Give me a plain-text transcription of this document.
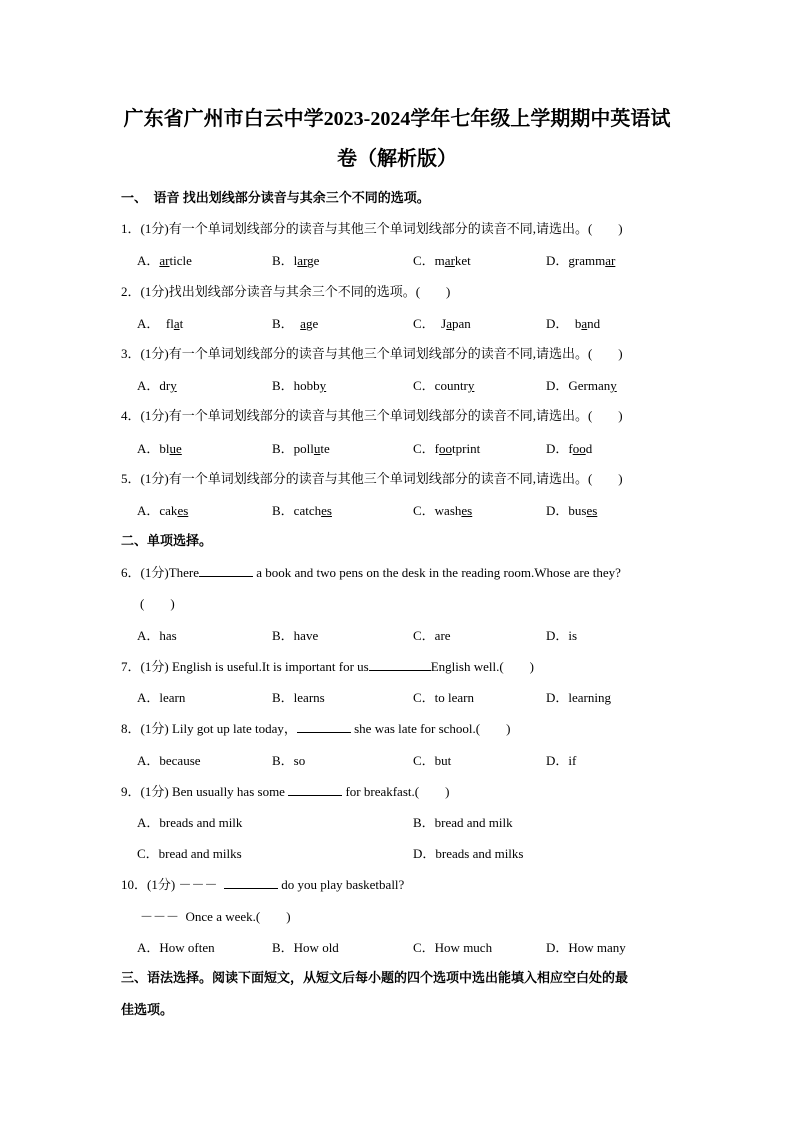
广东省广州市白云中学2023-2024学年七年级上学期期中英语试
卷（解析版）
一、　语音 找出划线部分读音与其余三个不同的选项。
1．(1分)有一个单词划线部分的读音与其他三个单词划线部分的读音不同,请选出。(　　)
A．article	B．large	C．market	D．grammar
2．(1分)找出划线部分读音与其余三个不同的选项。(　　)
A． flat	B． age	C． Japan	D． band
3．(1分)有一个单词划线部分的读音与其他三个单词划线部分的读音不同,请选出。(　　)
A．dry	B．hobby	C．country	D．Germany
4．(1分)有一个单词划线部分的读音与其他三个单词划线部分的读音不同,请选出。(　　)
A．blue	B．pollute	C．footprint	D．food
5．(1分)有一个单词划线部分的读音与其他三个单词划线部分的读音不同,请选出。(　　)
A．cakes	B．catches	C．washes	D．buses
二、单项选择。
6．(1分)There	a book and two pens on the desk in the reading room.Whose are they?
(　　)
A．has	B．have	C．are	D．is
7．(1分) English is useful.It is important for us	English well.(　　)
A．learn	B．learns	C．to learn	D．learning
8．(1分) Lily got up late today，	she was late for school.(　　)
A．because	B．so	C．but	D．if
9．(1分) Ben usually has some	for breakfast.(　　)
A．breads and milk	B．bread and milk
C．bread and milks	D．breads and milks
10．(1分) －－－	do you play basketball?
－－－ Once a week.(　　)
A．How often	B．How old	C．How much	D．How many
三、语法选择。阅读下面短文，从短文后每小题的四个选项中选出能填入相应空白处的最
佳选项。
